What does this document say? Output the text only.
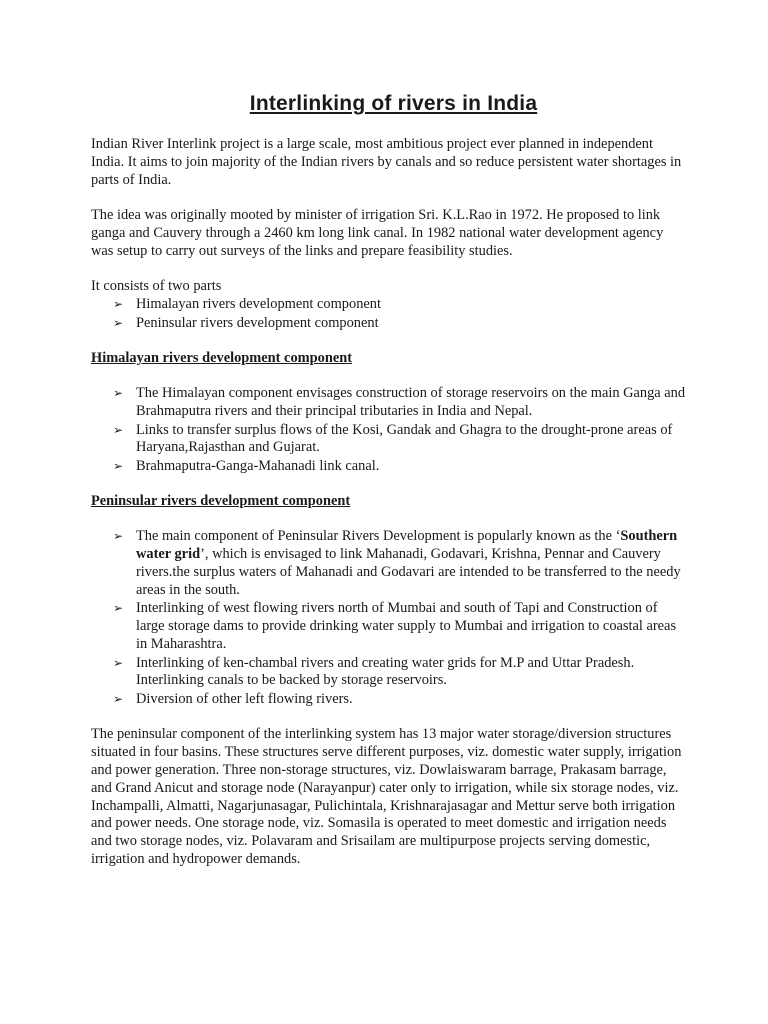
Interlinking of rivers in India

Indian River Interlink project is a large scale, most ambitious project ever planned in independent India. It aims to join majority of the Indian rivers by canals and so reduce persistent water shortages in parts of India.

The idea was originally mooted by minister of irrigation Sri. K.L.Rao in 1972. He proposed to link ganga and Cauvery through a 2460 km long link canal. In 1982 national water development agency was setup to carry out surveys of the links and prepare feasibility studies.

It consists of two parts

➢ Himalayan rivers development component
➢ Peninsular rivers development component

Himalayan rivers development component

➢ The Himalayan component envisages construction of storage reservoirs on the main Ganga and Brahmaputra rivers and their principal tributaries in India and Nepal.
➢ Links to transfer surplus flows of the Kosi, Gandak and Ghagra to the drought-prone areas of Haryana,Rajasthan and Gujarat.
➢ Brahmaputra-Ganga-Mahanadi link canal.

Peninsular rivers development component

➢ The main component of Peninsular Rivers Development is popularly known as the ‘Southern water grid’, which is envisaged to link Mahanadi, Godavari, Krishna, Pennar and Cauvery rivers.the surplus waters of Mahanadi and Godavari are intended to be transferred to the needy areas in the south.
➢ Interlinking of west flowing rivers north of Mumbai and south of Tapi and Construction of large storage dams to provide drinking water supply to Mumbai and irrigation to coastal areas in Maharashtra.
➢ Interlinking of ken-chambal rivers and creating water grids for M.P and Uttar Pradesh. Interlinking canals to be backed by storage reservoirs.
➢ Diversion of other left flowing rivers.

The peninsular component of the interlinking system has 13 major water storage/diversion structures situated in four basins. These structures serve different purposes, viz. domestic water supply, irrigation and power generation. Three non-storage structures, viz. Dowlaiswaram barrage, Prakasam barrage, and Grand Anicut and storage node (Narayanpur) cater only to irrigation, while six storage nodes, viz. Inchampalli, Almatti, Nagarjunasagar, Pulichintala, Krishnarajasagar and Mettur serve both irrigation and power needs. One storage node, viz. Somasila is operated to meet domestic and irrigation needs and two storage nodes, viz. Polavaram and Srisailam are multipurpose projects serving domestic, irrigation and hydropower demands.
